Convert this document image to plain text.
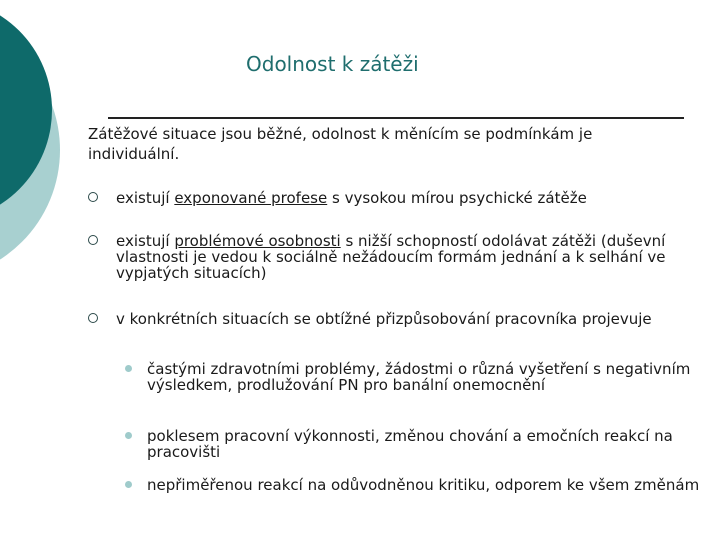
Odolnost k zátěži
Zátěžové situace jsou běžné, odolnost k měnícím se podmínkám je individuální.
existují exponované profese s vysokou mírou psychické zátěže
existují problémové osobnosti s nižší schopností odolávat zátěži (duševní vlastnosti je vedou k sociálně nežádoucím formám jednání a k selhání ve vypjatých situacích)
v konkrétních situacích se obtížné přizpůsobování pracovníka projevuje
častými zdravotními problémy, žádostmi o různá vyšetření s negativním výsledkem, prodlužování PN pro banální onemocnění
poklesem pracovní výkonnosti, změnou chování a emočních reakcí na pracovišti
nepřiměřenou reakcí na odůvodněnou kritiku, odporem ke všem změnám
